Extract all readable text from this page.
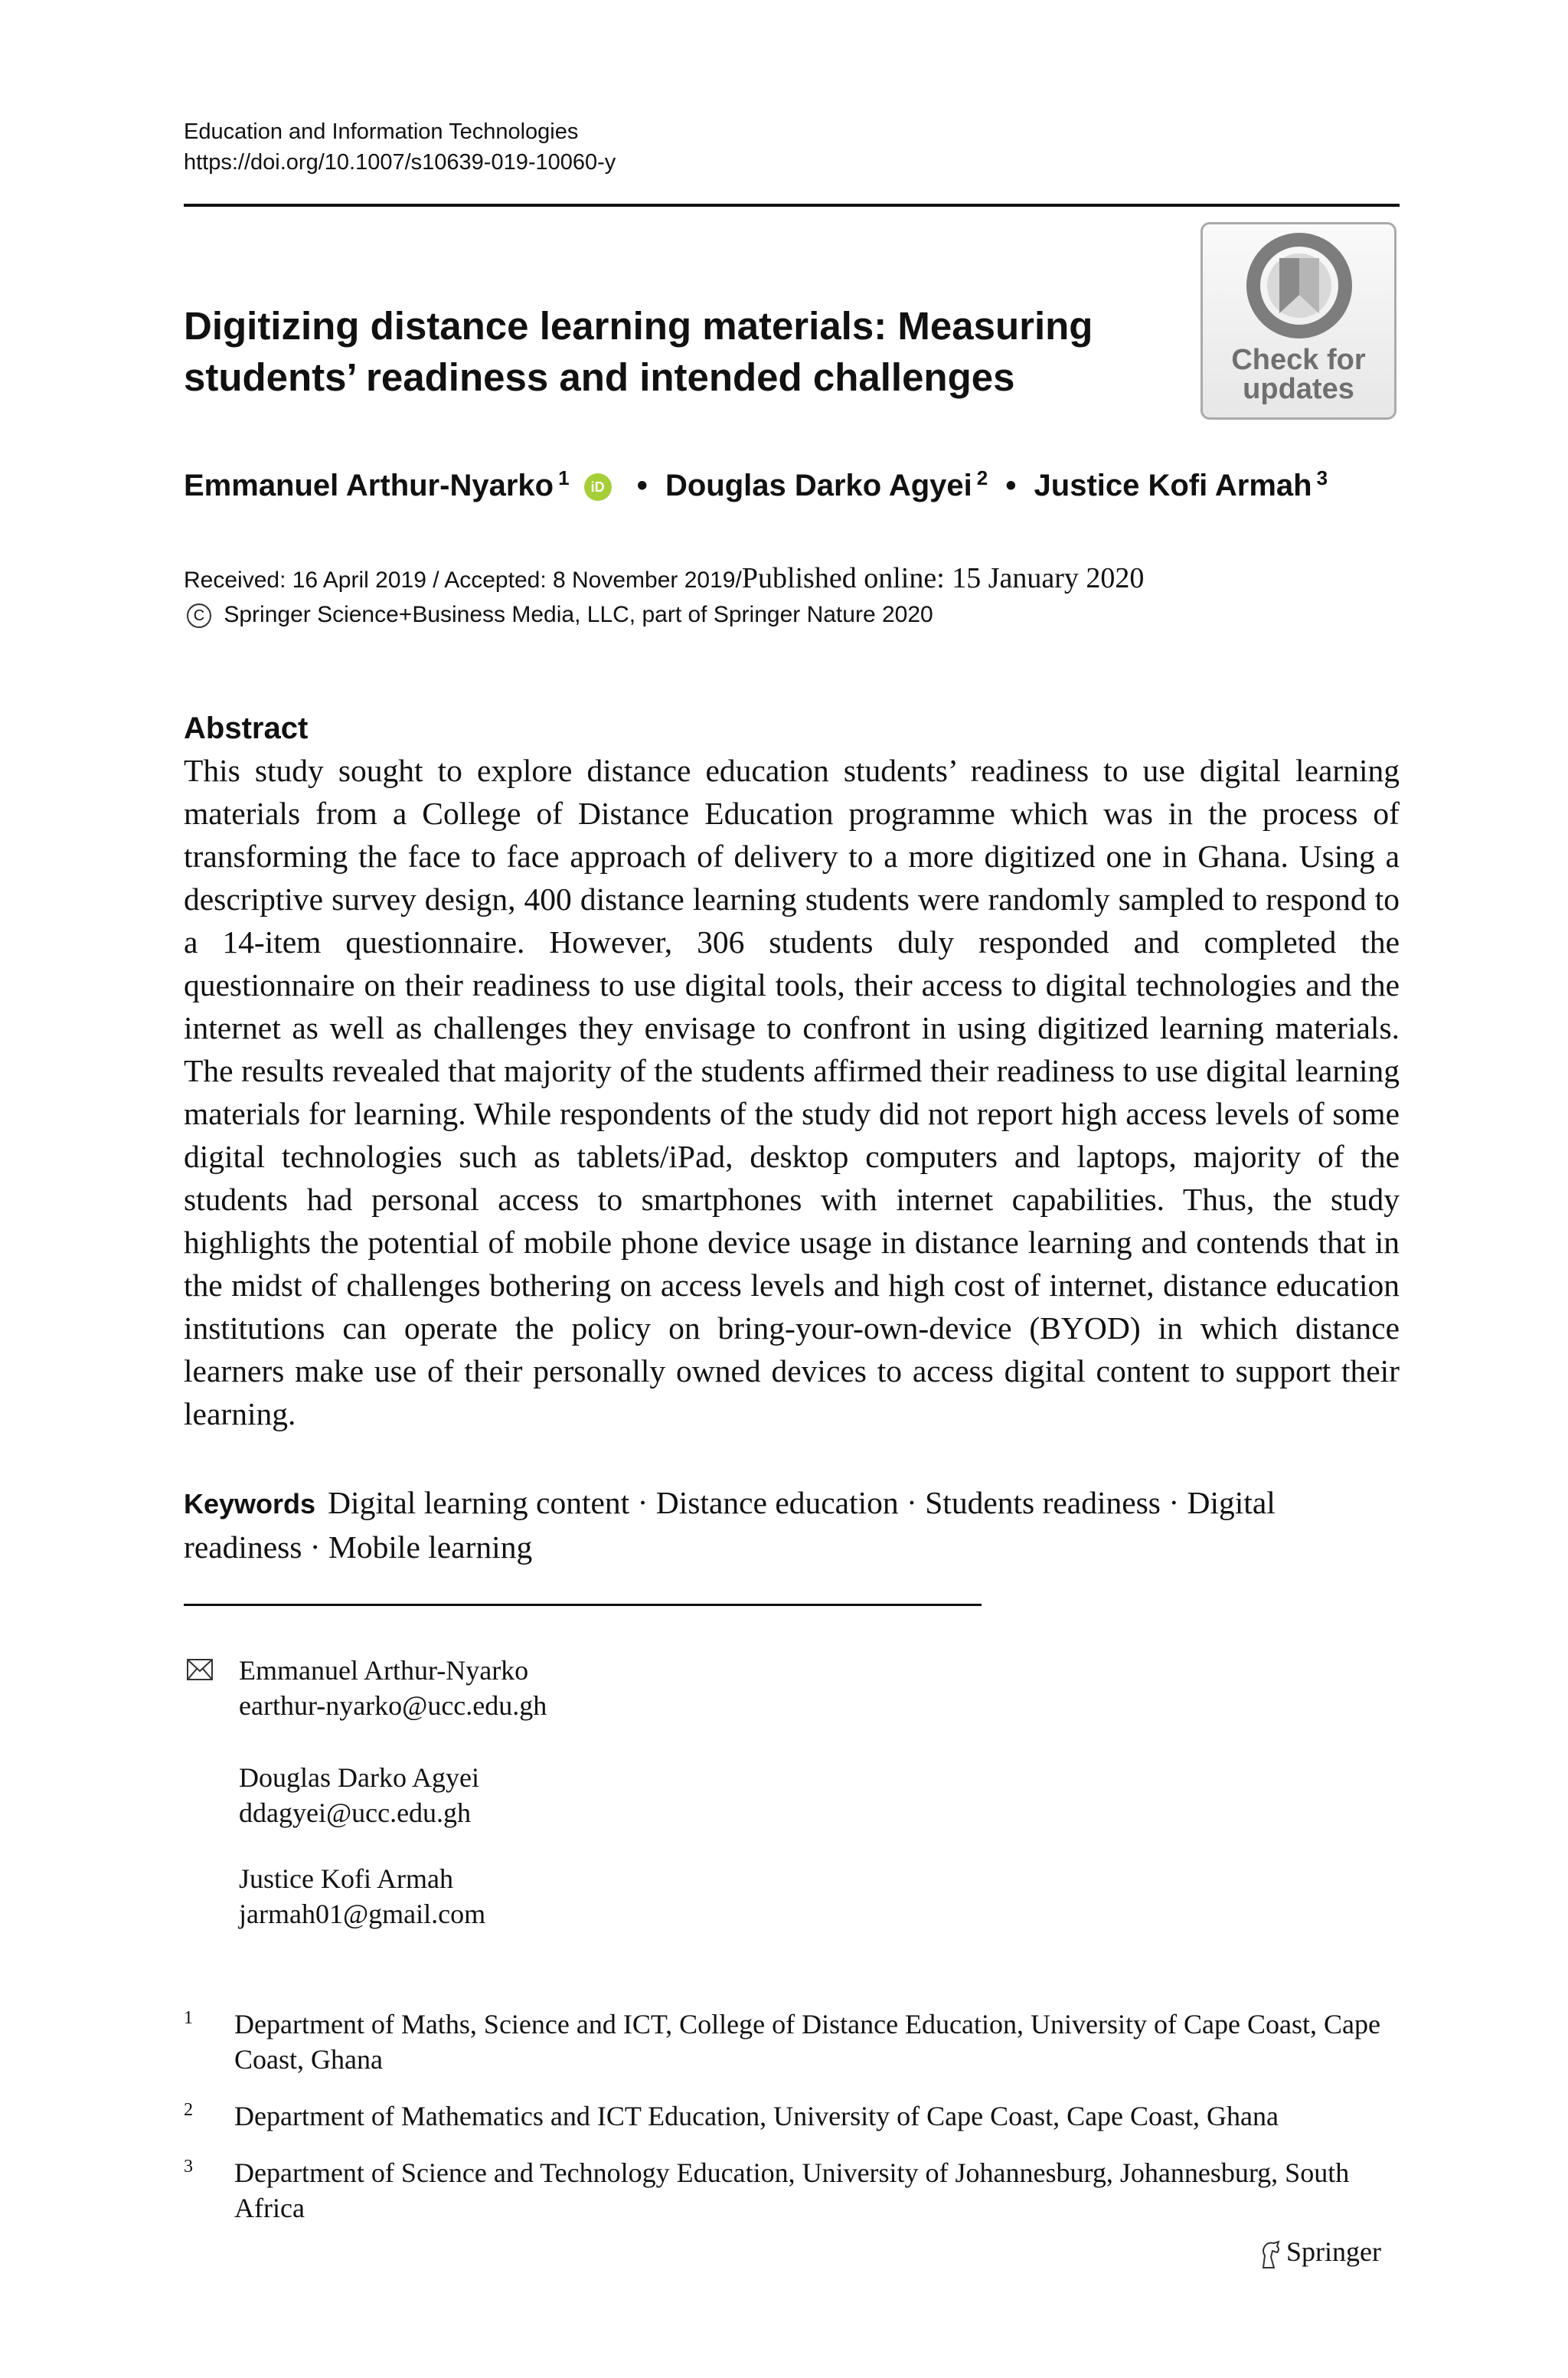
Education and Information Technologies
https://doi.org/10.1007/s10639-019-10060-y
Digitizing distance learning materials: Measuring
students’ readiness and intended challenges	Check for
updates
Emmanuel Arthur-Nyarko $^1$ iD • Douglas Darko Agyei $^2$ • Justice Kofi Armah $^3$
Received: 16 April 2019 / Accepted: 8 November 2019/Published online: 15 January 2020
C Springer Science+Business Media, LLC, part of Springer Nature 2020
Abstract
This study sought to explore distance education students’ readiness to use digital learning materials from a College of Distance Education programme which was in the process of transforming the face to face approach of delivery to a more digitized one in Ghana. Using a descriptive survey design, 400 distance learning students were randomly sampled to respond to a 14-item questionnaire. However, 306 students duly responded and completed the questionnaire on their readiness to use digital tools, their access to digital technologies and the internet as well as challenges they envisage to confront in using digitized learning materials. The results revealed that majority of the students affirmed their readiness to use digital learning materials for learning. While respondents of the study did not report high access levels of some digital technologies such as tablets/iPad, desktop computers and laptops, majority of the students had personal access to smartphones with internet capabilities. Thus, the study highlights the potential of mobile phone device usage in distance learning and contends that in the midst of challenges bothering on access levels and high cost of internet, distance education institutions can operate the policy on bring-your-own-device (BYOD) in which distance learners make use of their personally owned devices to access digital content to support their learning.
Keywords Digital learning content · Distance education · Students readiness · Digital readiness · Mobile learning
Emmanuel Arthur-Nyarko
earthur-nyarko@ucc.edu.gh
Douglas Darko Agyei
ddagyei@ucc.edu.gh
Justice Kofi Armah
jarmah01@gmail.com
1 Department of Maths, Science and ICT, College of Distance Education, University of Cape Coast, Cape Coast, Ghana
2 Department of Mathematics and ICT Education, University of Cape Coast, Cape Coast, Ghana
3 Department of Science and Technology Education, University of Johannesburg, Johannesburg, South Africa
Springer
